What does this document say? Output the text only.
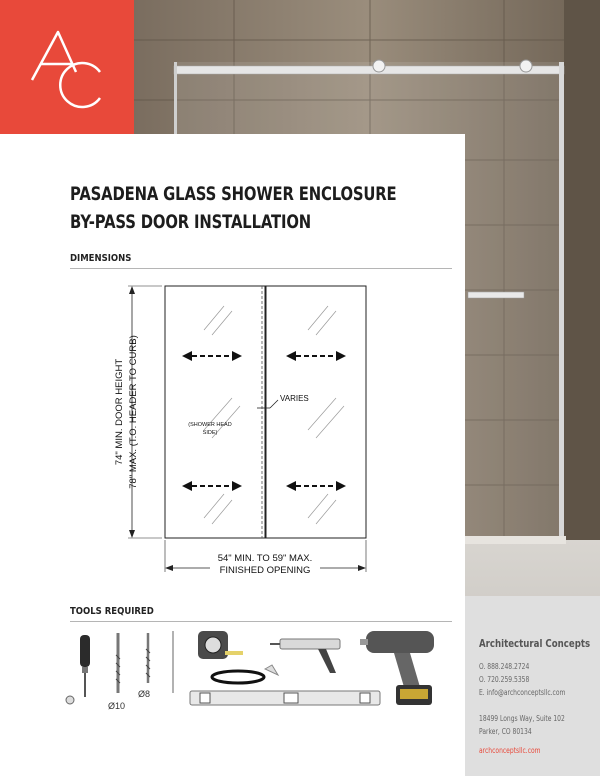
AC
PASADENA GLASS SHOWER ENCLOSURE
BY-PASS DOOR INSTALLATION
DIMENSIONS
VARIES
(SHOWER HEAD
SIDE)
74" MIN. DOOR HEIGHT 78" MAX. (T.O. HEADER TO CURB)
54" MIN. TO 59" MAX.
FINISHED OPENING
TOOLS REQUIRED
Ø10
Ø8
Architectural Concepts
O. 888.248.2724
O. 720.259.5358
E. info@archconceptsllc.com
18499 Longs Way, Suite 102
Parker, CO 80134
archconceptsllc.com
